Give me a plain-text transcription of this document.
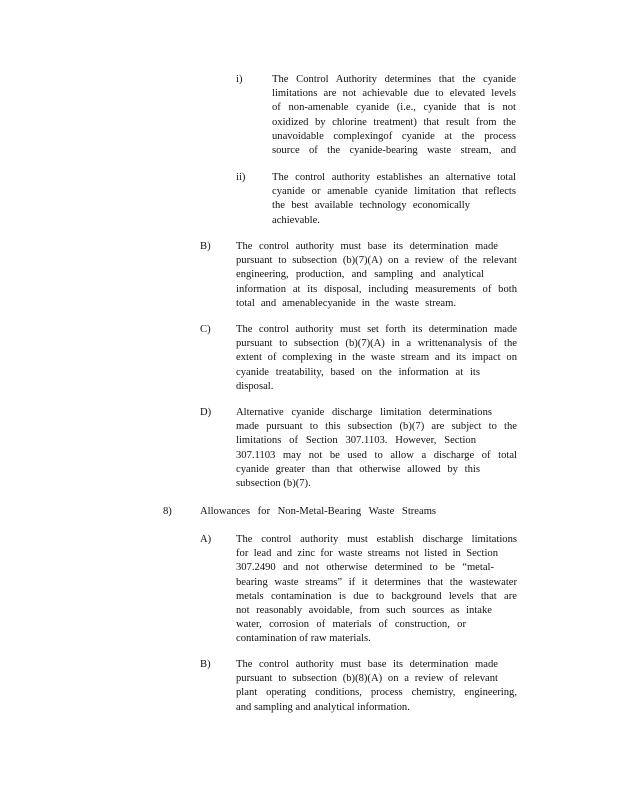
i)	The Control Authority determines that the cyanide
limitations are not achievable due to elevated levels
of non-amenable cyanide (i.e., cyanide that is not
oxidized by chlorine treatment) that result from the
unavoidable complexingof cyanide at the process
source of the cyanide-bearing waste stream, and
ii)	The control authority establishes an alternative total
cyanide or amenable cyanide limitation that reflects
the best available technology economically
achievable.
B) The control authority must base its determination made
pursuant to subsection (b)(7)(A) on a review of the relevant
engineering, production, and sampling and analytical
information at its disposal, including measurements of both
total and amenablecyanide in the waste stream.
C) The control authority must set forth its determination made
pursuant to subsection (b)(7)(A) in a writtenanalysis of the
extent of complexing in the waste stream and its impact on
cyanide treatability, based on the information at its
disposal.
D) Alternative cyanide discharge limitation determinations
made pursuant to this subsection (b)(7) are subject to the
limitations of Section 307.1103. However, Section
307.1103 may not be used to allow a discharge of total
cyanide greater than that otherwise allowed by this
subsection (b)(7).
8)	Allowances for Non-Metal-Bearing Waste Streams
A) The control authority must establish discharge limitations
for lead and zinc for waste streams not listed in Section
307.2490 and not otherwise determined to be “metal-
bearing waste streams” if it determines that the wastewater
metals contamination is due to background levels that are
not reasonably avoidable, from such sources as intake
water, corrosion of materials of construction, or
contamination of raw materials.
B) The control authority must base its determination made
pursuant to subsection (b)(8)(A) on a review of relevant
plant operating conditions, process chemistry, engineering,
and sampling and analytical information.
